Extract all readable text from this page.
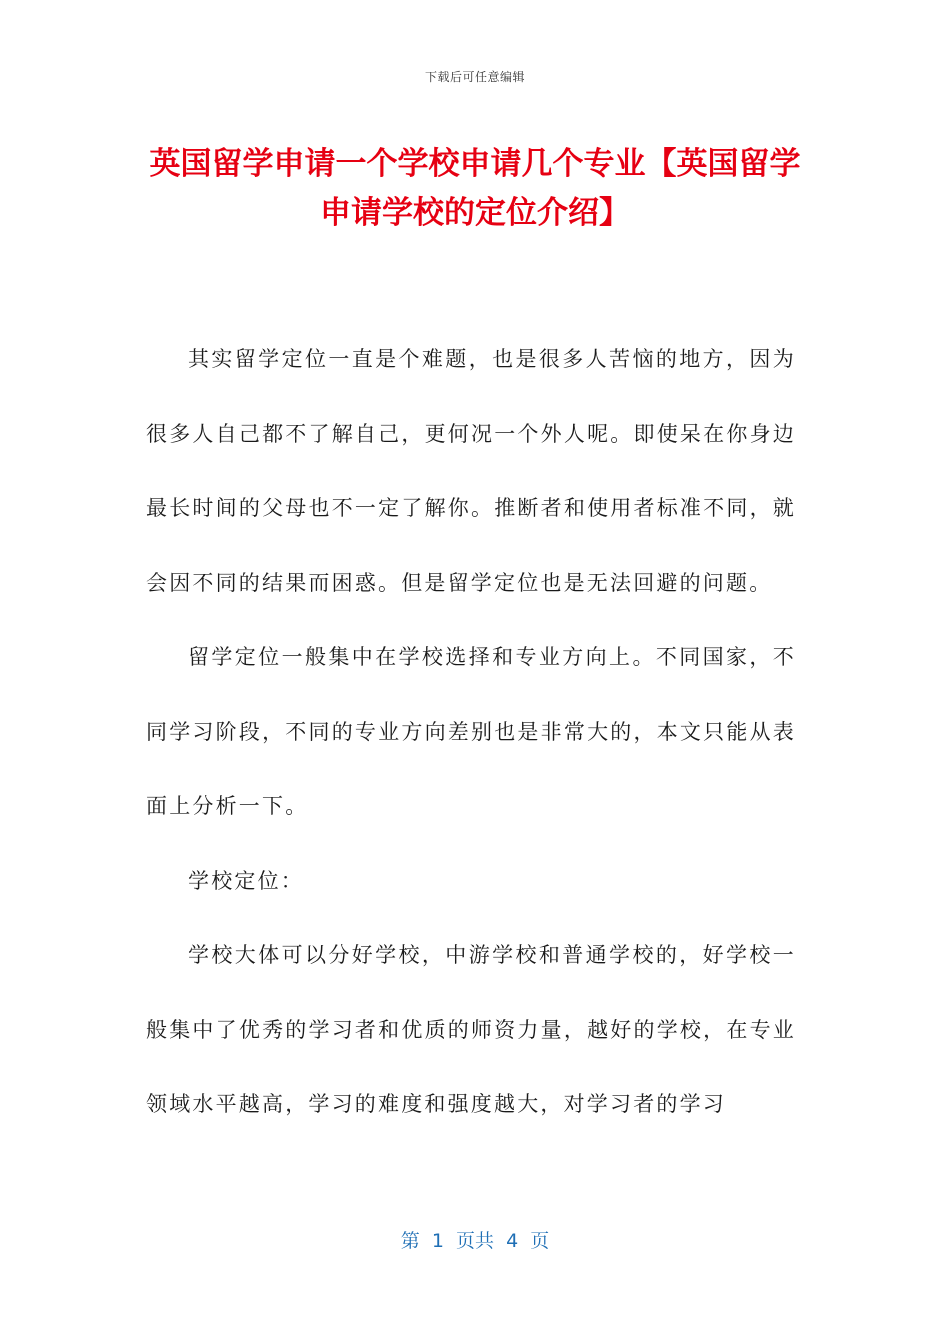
下载后可任意编辑
英国留学申请一个学校申请几个专业【英国留学申请学校的定位介绍】

其实留学定位一直是个难题，也是很多人苦恼的地方，因为很多人自己都不了解自己，更何况一个外人呢。即使呆在你身边最长时间的父母也不一定了解你。推断者和使用者标准不同，就会因不同的结果而困惑。但是留学定位也是无法回避的问题。

留学定位一般集中在学校选择和专业方向上。不同国家，不同学习阶段，不同的专业方向差别也是非常大的，本文只能从表面上分析一下。

学校定位：

学校大体可以分好学校，中游学校和普通学校的，好学校一般集中了优秀的学习者和优质的师资力量，越好的学校，在专业领域水平越高，学习的难度和强度越大，对学习者的学习

第  1  页共  4  页
